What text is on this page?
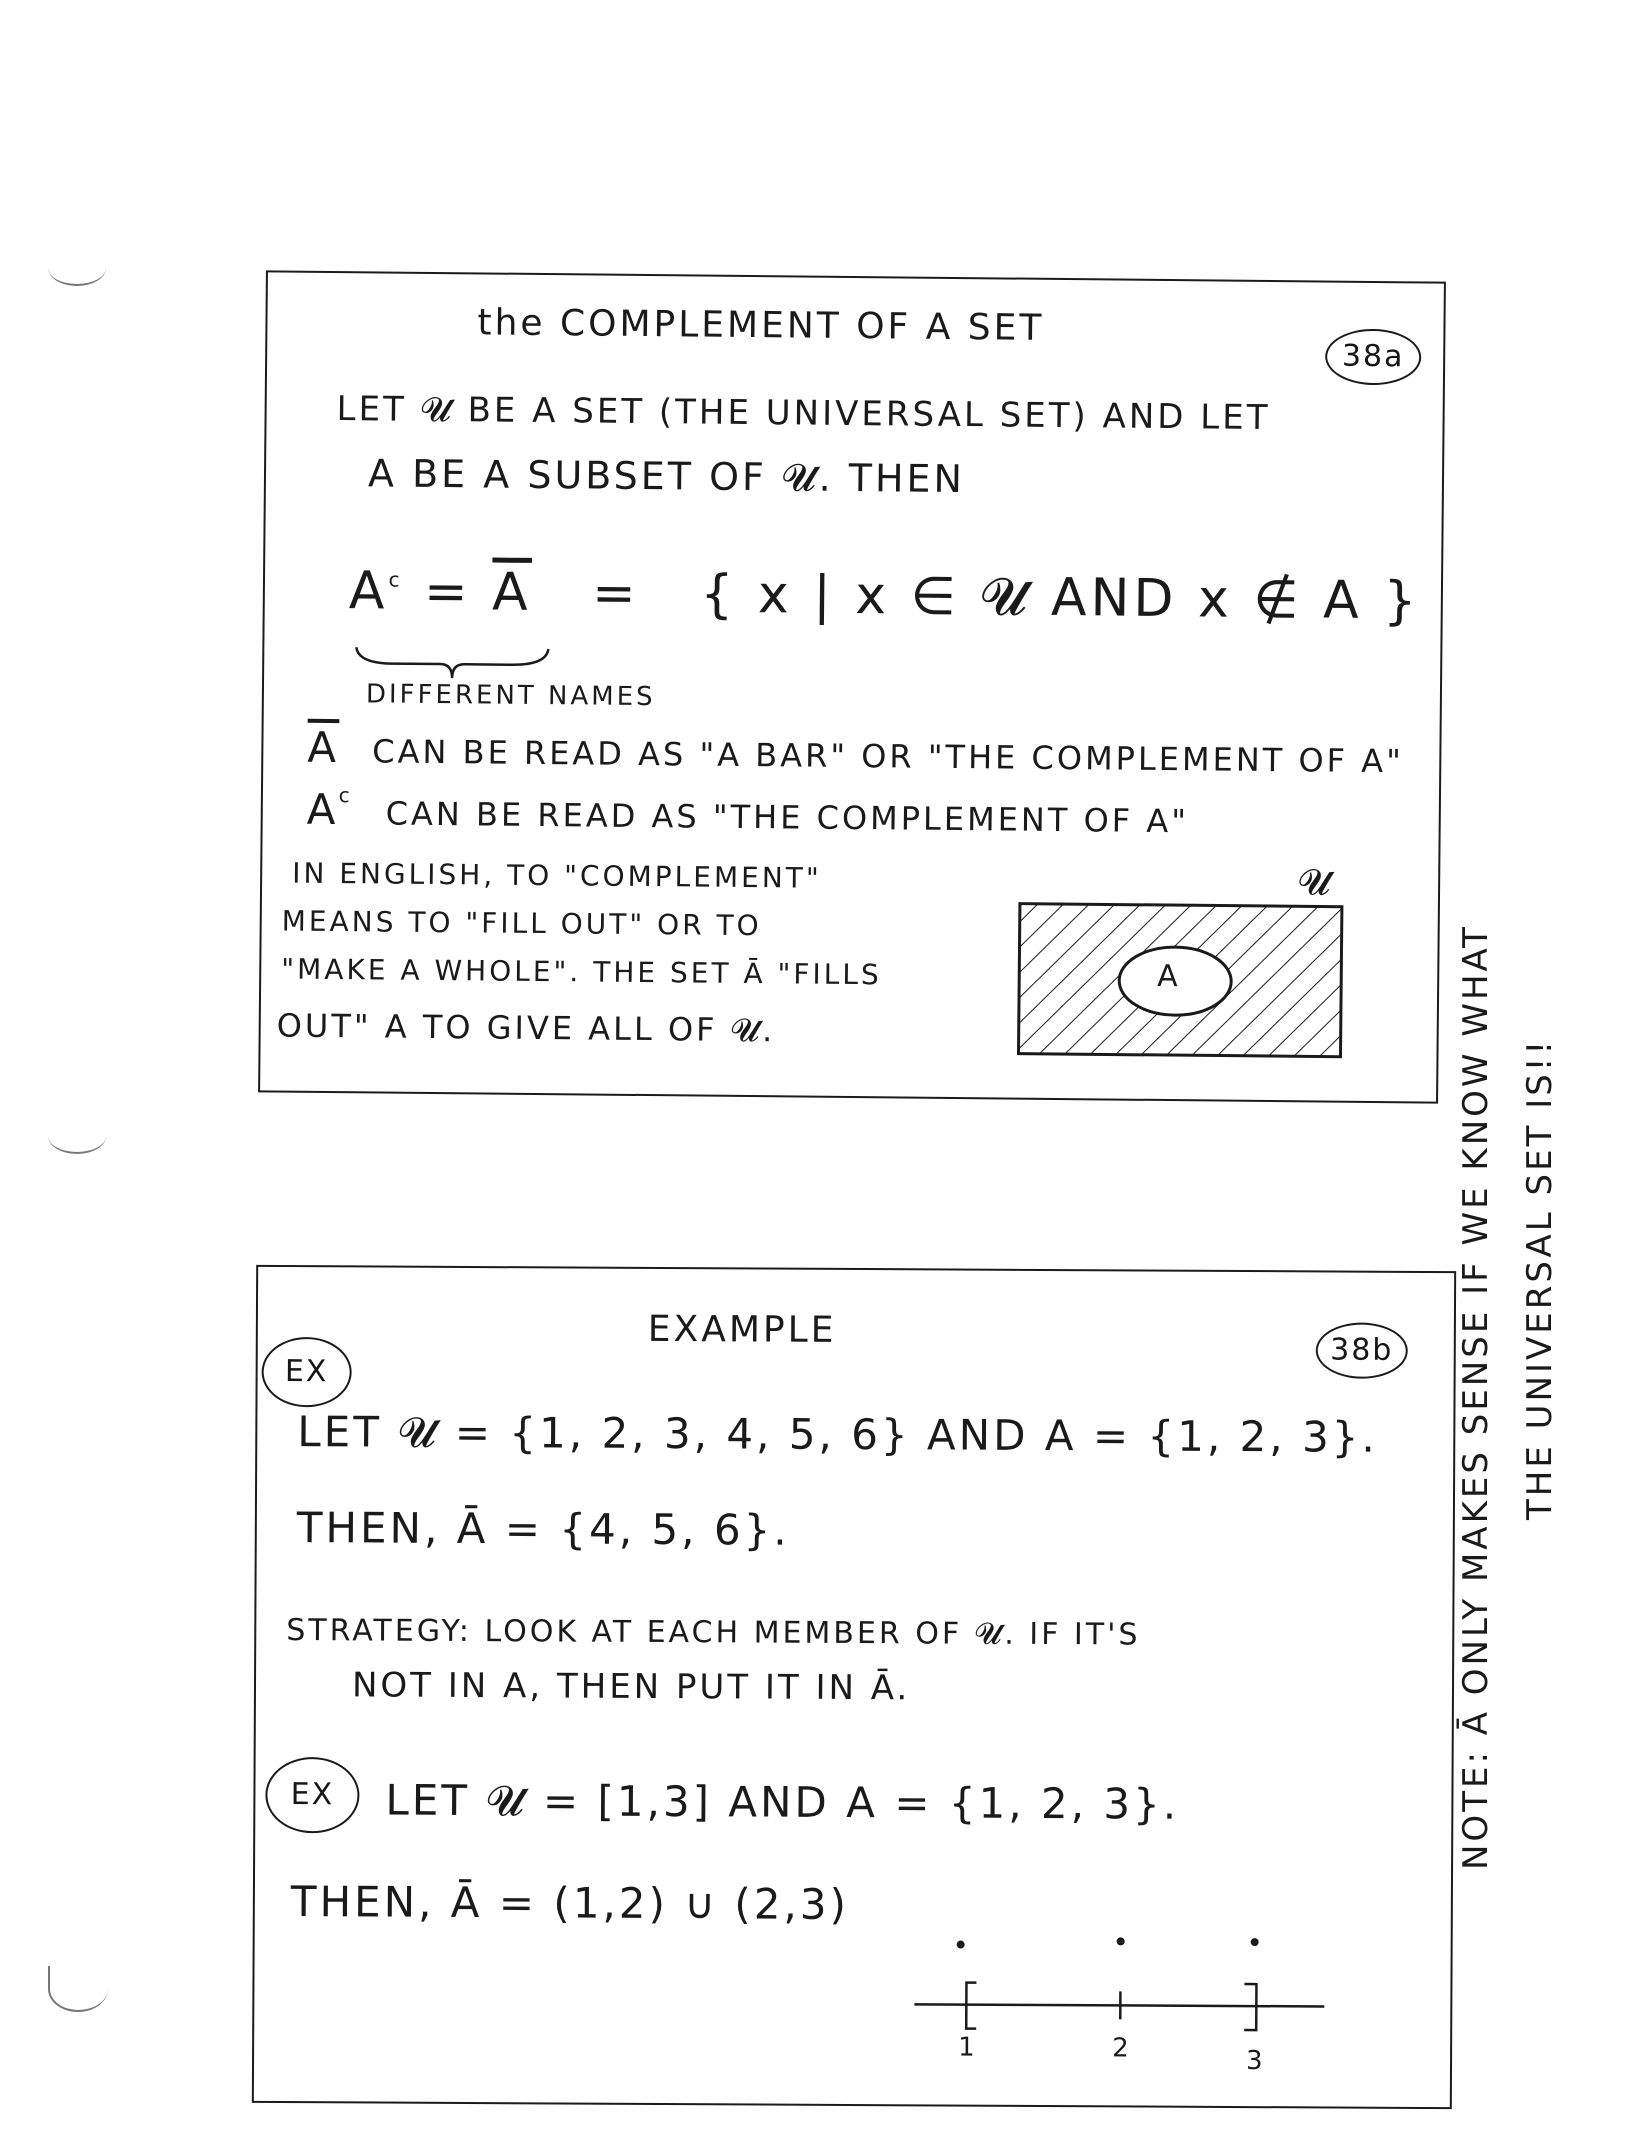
the COMPLEMENT OF A SET
38a
LET 𝓤 BE A SET (THE UNIVERSAL SET) AND LET
A BE A SUBSET OF 𝓤. THEN
$A^c = \overline{A}$ = { x | x ∈ 𝓤 AND x ∉ A }
DIFFERENT NAMES
$\overline{A}$ CAN BE READ AS "A BAR" OR "THE COMPLEMENT OF A"
$A^c$ CAN BE READ AS "THE COMPLEMENT OF A"
IN ENGLISH, TO "COMPLEMENT"
MEANS TO "FILL OUT" OR TO
"MAKE A WHOLE". THE SET Ā "FILLS
OUT" A TO GIVE ALL OF 𝓤.
𝓤
A
EXAMPLE	38b
EX
LET 𝓤 = {1, 2, 3, 4, 5, 6} AND A = {1, 2, 3}.
THEN, Ā = {4, 5, 6}.
STRATEGY: LOOK AT EACH MEMBER OF 𝓤. IF IT'S
NOT IN A, THEN PUT IT IN Ā.
EX	LET 𝓤 = [1,3] AND A = {1, 2, 3}.
THEN, Ā = (1,2) ∪ (2,3)
1	2	3
NOTE: Ā ONLY MAKES SENSE IF WE KNOW WHAT THE UNIVERSAL SET IS!!
